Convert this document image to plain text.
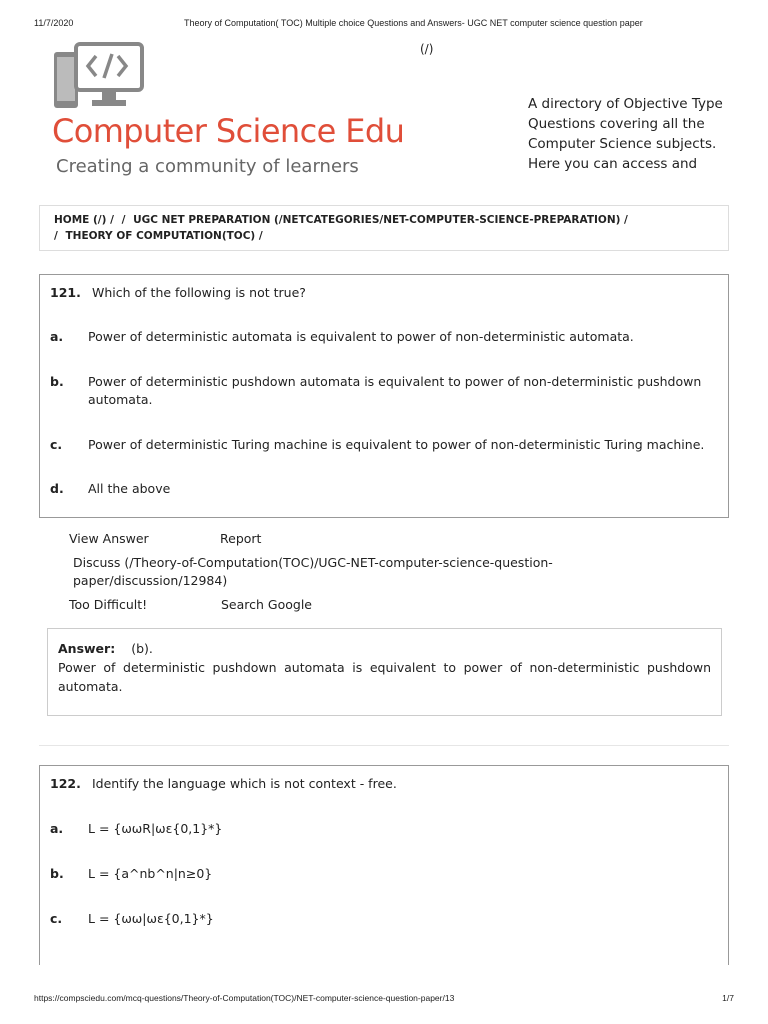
11/7/2020	Theory of Computation( TOC) Multiple choice Questions and Answers- UGC NET computer science question paper
(/)
Computer Science Edu
Creating a community of learners
A directory of Objective Type Questions covering all the Computer Science subjects. Here you can access and
HOME (/) / / UGC NET PREPARATION (/NETCATEGORIES/NET-COMPUTER-SCIENCE-PREPARATION) /
/ THEORY OF COMPUTATION(TOC) /
121. Which of the following is not true?
a. Power of deterministic automata is equivalent to power of non-deterministic automata.
b. Power of deterministic pushdown automata is equivalent to power of non-deterministic pushdown automata.
c. Power of deterministic Turing machine is equivalent to power of non-deterministic Turing machine.
d. All the above
View Answer	Report
Discuss (/Theory-of-Computation(TOC)/UGC-NET-computer-science-question-paper/discussion/12984)
Too Difficult!	Search Google
Answer: (b).
Power of deterministic pushdown automata is equivalent to power of non-deterministic pushdown automata.
122. Identify the language which is not context - free.
a. L = {ωωR|ωε{0,1}*}
b. L = {a^nb^n|n≥0}
c. L = {ωω|ωε{0,1}*}
https://compsciedu.com/mcq-questions/Theory-of-Computation(TOC)/NET-computer-science-question-paper/13	1/7
